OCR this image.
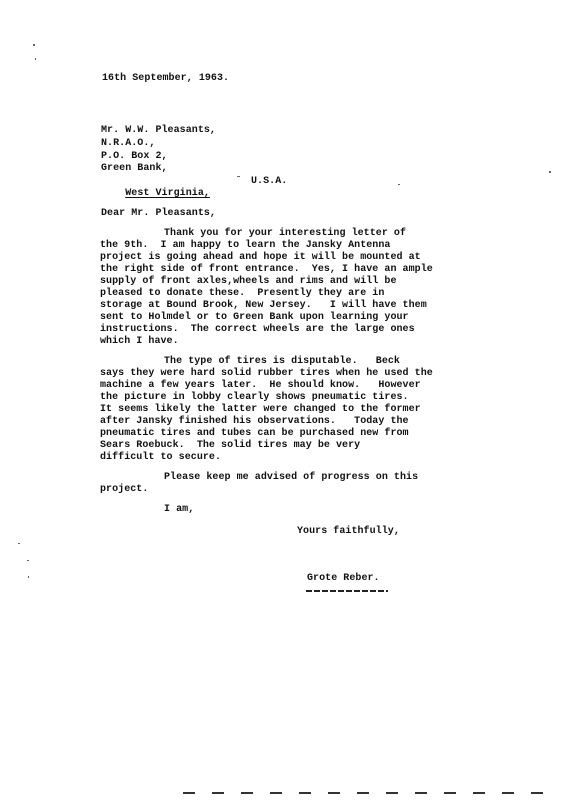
16th September, 1963.
Mr. W.W. Pleasants,
N.R.A.O.,
P.O. Box 2,
Green Bank,

West Virginia,

U.S.A.

Dear Mr. Pleasants,
Thank you for your interesting letter of
the 9th.  I am happy to learn the Jansky Antenna
project is going ahead and hope it will be mounted at
the right side of front entrance.  Yes, I have an ample
supply of front axles,wheels and rims and will be
pleased to donate these.  Presently they are in
storage at Bound Brook, New Jersey.   I will have them
sent to Holmdel or to Green Bank upon learning your
instructions.  The correct wheels are the large ones
which I have.
The type of tires is disputable.   Beck
says they were hard solid rubber tires when he used the
machine a few years later.  He should know.   However
the picture in lobby clearly shows pneumatic tires.
It seems likely the latter were changed to the former
after Jansky finished his observations.   Today the
pneumatic tires and tubes can be purchased new from
Sears Roebuck.  The solid tires may be very
difficult to secure.
Please keep me advised of progress on this
project.
I am,
Yours faithfully,
Grote Reber.
